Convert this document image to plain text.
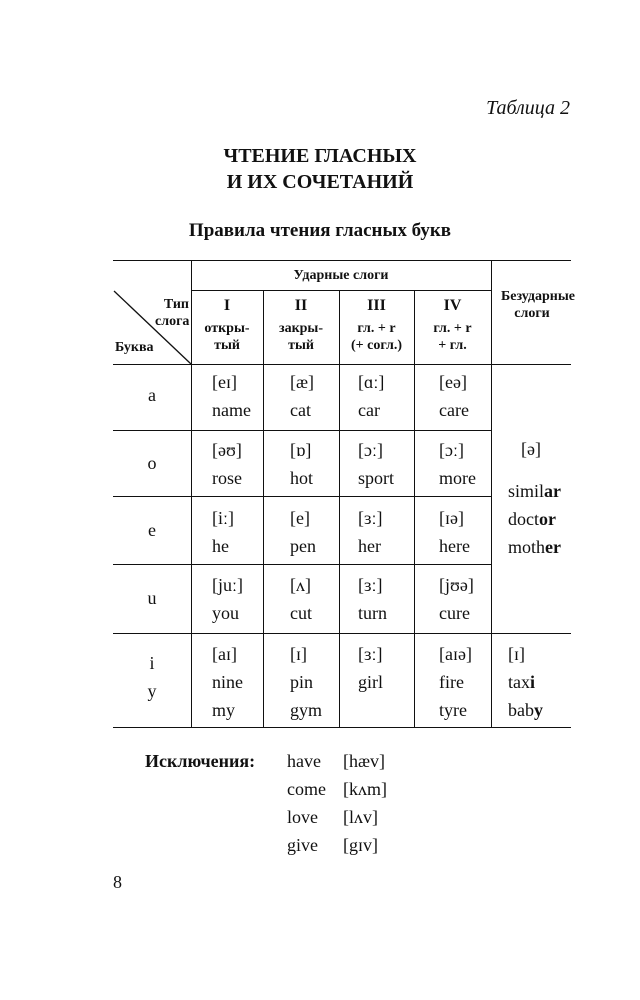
Таблица 2
ЧТЕНИЕ ГЛАСНЫХ
И ИХ СОЧЕТАНИЙ
Правила чтения гласных букв
Ударные слоги
Тип слога
Буква
Безударные слоги
I
откры-
тый
II
закры-
тый
III
гл. + r
(+ согл.)
IV
гл. + r
+ гл.
a
o
e
u
i
y
[eɪ]
name
[æ]
cat
[ɑː]
car
[eə]
care
[əʊ]
rose
[ɒ]
hot
[ɔː]
sport
[ɔː]
more
[iː]
he
[e]
pen
[ɜː]
her
[ɪə]
here
[juː]
you
[ʌ]
cut
[ɜː]
turn
[jʊə]
cure
[aɪ]
nine
my
[ɪ]
pin
gym
[ɜː]
girl
[aɪə]
fire
tyre
[ə]
similar
doctor
mother
[ɪ]
taxi
baby
Исключения: have
come
love
give
[hæv]
[kʌm]
[lʌv]
[gɪv]
8
